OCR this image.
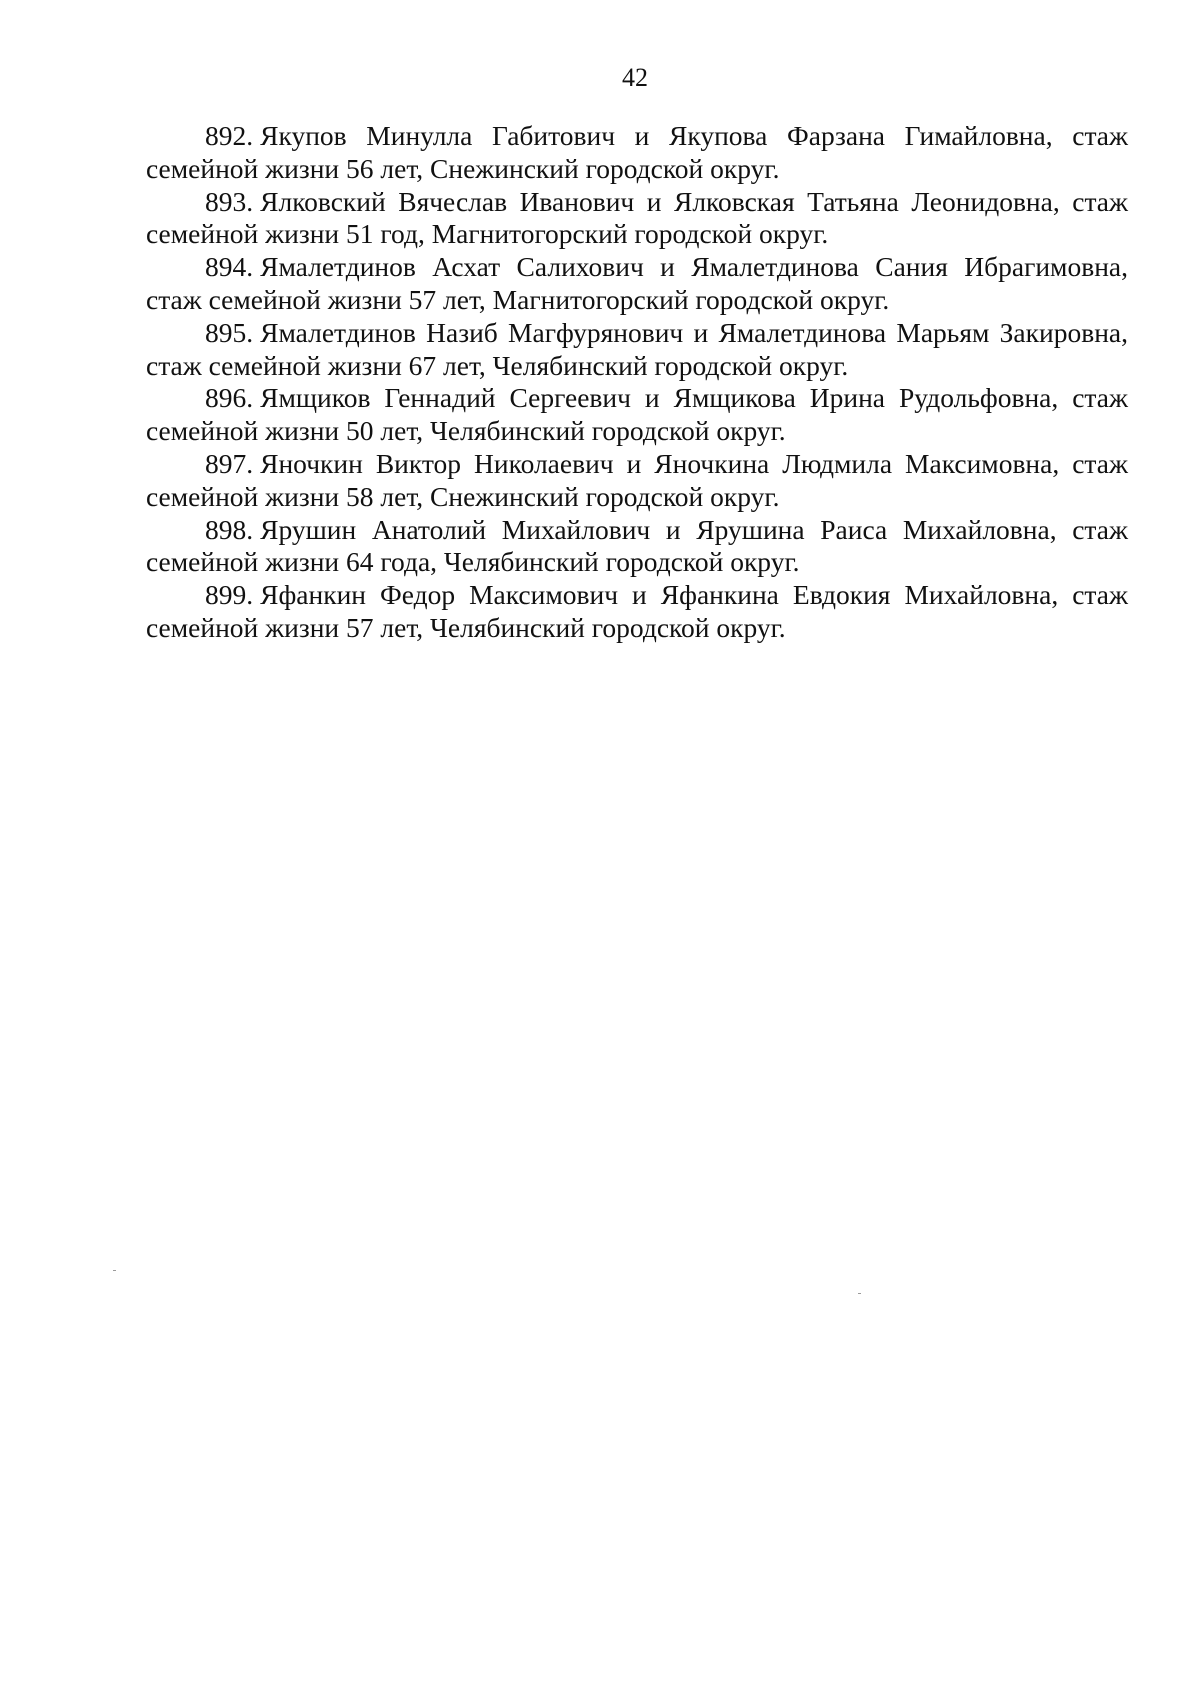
42

892. Якупов Минулла Габитович и Якупова Фарзана Гимайловна, стаж семейной жизни 56 лет, Снежинский городской округ.

893. Ялковский Вячеслав Иванович и Ялковская Татьяна Леонидовна, стаж семейной жизни 51 год, Магнитогорский городской округ.

894. Ямалетдинов Асхат Салихович и Ямалетдинова Сания Ибрагимовна, стаж семейной жизни 57 лет, Магнитогорский городской округ.

895. Ямалетдинов Назиб Магфурянович и Ямалетдинова Марьям Закировна, стаж семейной жизни 67 лет, Челябинский городской округ.

896. Ямщиков Геннадий Сергеевич и Ямщикова Ирина Рудольфовна, стаж семейной жизни 50 лет, Челябинский городской округ.

897. Яночкин Виктор Николаевич и Яночкина Людмила Максимовна, стаж семейной жизни 58 лет, Снежинский городской округ.

898. Ярушин Анатолий Михайлович и Ярушина Раиса Михайловна, стаж семейной жизни 64 года, Челябинский городской округ.

899. Яфанкин Федор Максимович и Яфанкина Евдокия Михайловна, стаж семейной жизни 57 лет, Челябинский городской округ.
